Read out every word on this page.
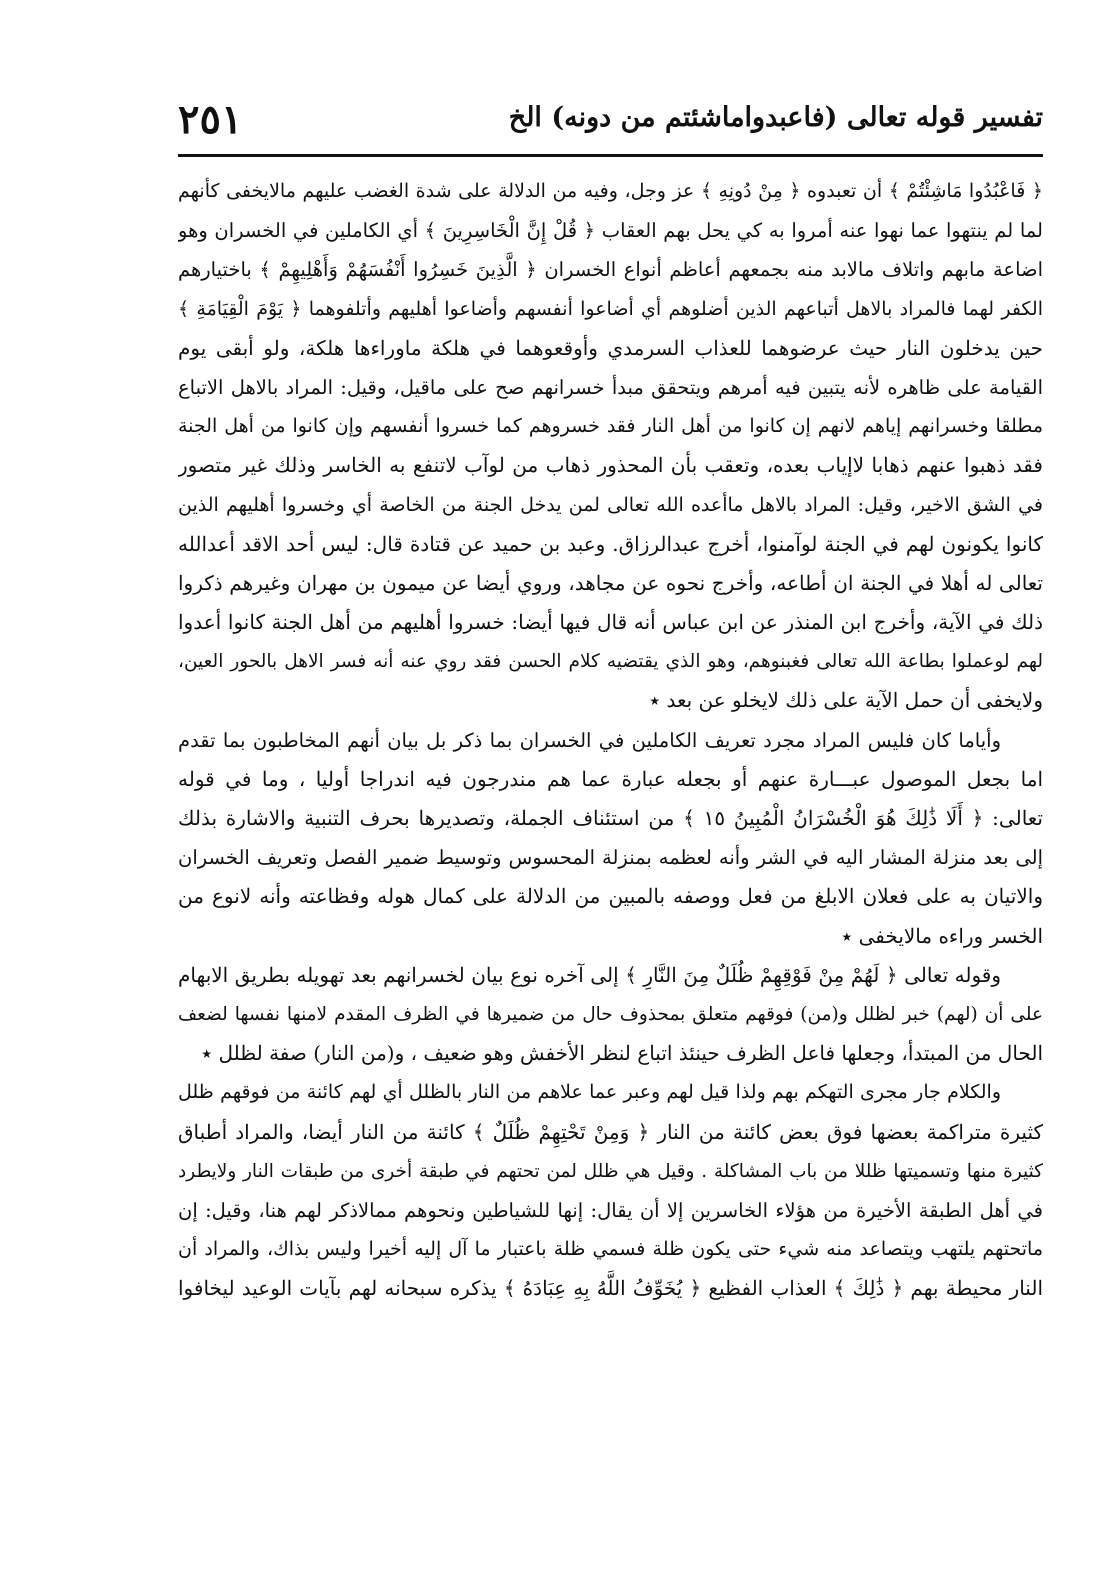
تفسير قوله تعالى (فاعبدواماشئتم من دونه) الخ
٢٥١
﴿ فَاعْبُدُوا مَاشِئْتُمْ ﴾ أن تعبدوه ﴿ مِنْ دُونِهِ ﴾ عز وجل، وفيه من الدلالة على شدة الغضب عليهم مالايخفى كأنهم
لما لم ينتهوا عما نهوا عنه أمروا به كي يحل بهم العقاب ﴿ قُلْ إِنَّ الْخَاسِرِينَ ﴾ أي الكاملين في الخسران وهو
اضاعة مابهم واتلاف مالابد منه بجمعهم أعاظم أنواع الخسران ﴿ الَّذِينَ خَسِرُوا أَنْفُسَهُمْ وَأَهْلِيهِمْ ﴾ باختيارهم
الكفر لهما فالمراد بالاهل أتباعهم الذين أضلوهم أي أضاعوا أنفسهم وأضاعوا أهليهم وأتلفوهما ﴿ يَوْمَ الْقِيَامَةِ ﴾
حين يدخلون النار حيث عرضوهما للعذاب السرمدي وأوقعوهما في هلكة ماوراءها هلكة، ولو أبقى يوم
القيامة على ظاهره لأنه يتبين فيه أمرهم ويتحقق مبدأ خسرانهم صح على ماقيل، وقيل: المراد بالاهل الاتباع
مطلقا وخسرانهم إياهم لانهم إن كانوا من أهل النار فقد خسروهم كما خسروا أنفسهم وإن كانوا من أهل الجنة
فقد ذهبوا عنهم ذهابا لاإياب بعده، وتعقب بأن المحذور ذهاب من لوآب لاتنفع به الخاسر وذلك غير متصور
في الشق الاخير، وقيل: المراد بالاهل ماأعده الله تعالى لمن يدخل الجنة من الخاصة أي وخسروا أهليهم الذين
كانوا يكونون لهم في الجنة لوآمنوا، أخرج عبدالرزاق. وعبد بن حميد عن قتادة قال: ليس أحد الاقد أعدالله
تعالى له أهلا في الجنة ان أطاعه، وأخرج نحوه عن مجاهد، وروي أيضا عن ميمون بن مهران وغيرهم ذكروا
ذلك في الآية، وأخرج ابن المنذر عن ابن عباس أنه قال فيها أيضا: خسروا أهليهم من أهل الجنة كانوا أعدوا
لهم لوعملوا بطاعة الله تعالى فغبنوهم، وهو الذي يقتضيه كلام الحسن فقد روي عنه أنه فسر الاهل بالحور العين،
ولايخفى أن حمل الآية على ذلك لايخلو عن بعد ٭
وأياما كان فليس المراد مجرد تعريف الكاملين في الخسران بما ذكر بل بيان أنهم المخاطبون بما تقدم
اما بجعل الموصول عبـــارة عنهم أو بجعله عبارة عما هم مندرجون فيه اندراجا أوليا ، وما في قوله
تعالى: ﴿ أَلَا ذَٰلِكَ هُوَ الْخُسْرَانُ الْمُبِينُ ١٥ ﴾ من استئناف الجملة، وتصديرها بحرف التنبية والاشارة بذلك
إلى بعد منزلة المشار اليه في الشر وأنه لعظمه بمنزلة المحسوس وتوسيط ضمير الفصل وتعريف الخسران
والاتيان به على فعلان الابلغ من فعل ووصفه بالمبين من الدلالة على كمال هوله وفظاعته وأنه لانوع من
الخسر وراءه مالايخفى ٭
وقوله تعالى ﴿ لَهُمْ مِنْ فَوْقِهِمْ ظُلَلٌ مِنَ النَّارِ ﴾ إلى آخره نوع بيان لخسرانهم بعد تهويله بطريق الابهام
على أن (لهم) خبر لظلل و(من) فوقهم متعلق بمحذوف حال من ضميرها في الظرف المقدم لامنها نفسها لضعف
الحال من المبتدأ، وجعلها فاعل الظرف حينئذ اتباع لنظر الأخفش وهو ضعيف ، و(من النار) صفة لظلل ٭
والكلام جار مجرى التهكم بهم ولذا قيل لهم وعبر عما علاهم من النار بالظلل أي لهم كائنة من فوقهم ظلل
كثيرة متراكمة بعضها فوق بعض كائنة من النار ﴿ وَمِنْ تَحْتِهِمْ ظُلَلٌ ﴾ كائنة من النار أيضا، والمراد أطباق
كثيرة منها وتسميتها ظللا من باب المشاكلة . وقيل هي ظلل لمن تحتهم في طبقة أخرى من طبقات النار ولايطرد
في أهل الطبقة الأخيرة من هؤلاء الخاسرين إلا أن يقال: إنها للشياطين ونحوهم ممالاذكر لهم هنا، وقيل: إن
ماتحتهم يلتهب ويتصاعد منه شيء حتى يكون ظلة فسمي ظلة باعتبار ما آل إليه أخيرا وليس بذاك، والمراد أن
النار محيطة بهم ﴿ ذَٰلِكَ ﴾ العذاب الفظيع ﴿ يُخَوِّفُ اللَّهُ بِهِ عِبَادَهُ ﴾ يذكره سبحانه لهم بآيات الوعيد ليخافوا
